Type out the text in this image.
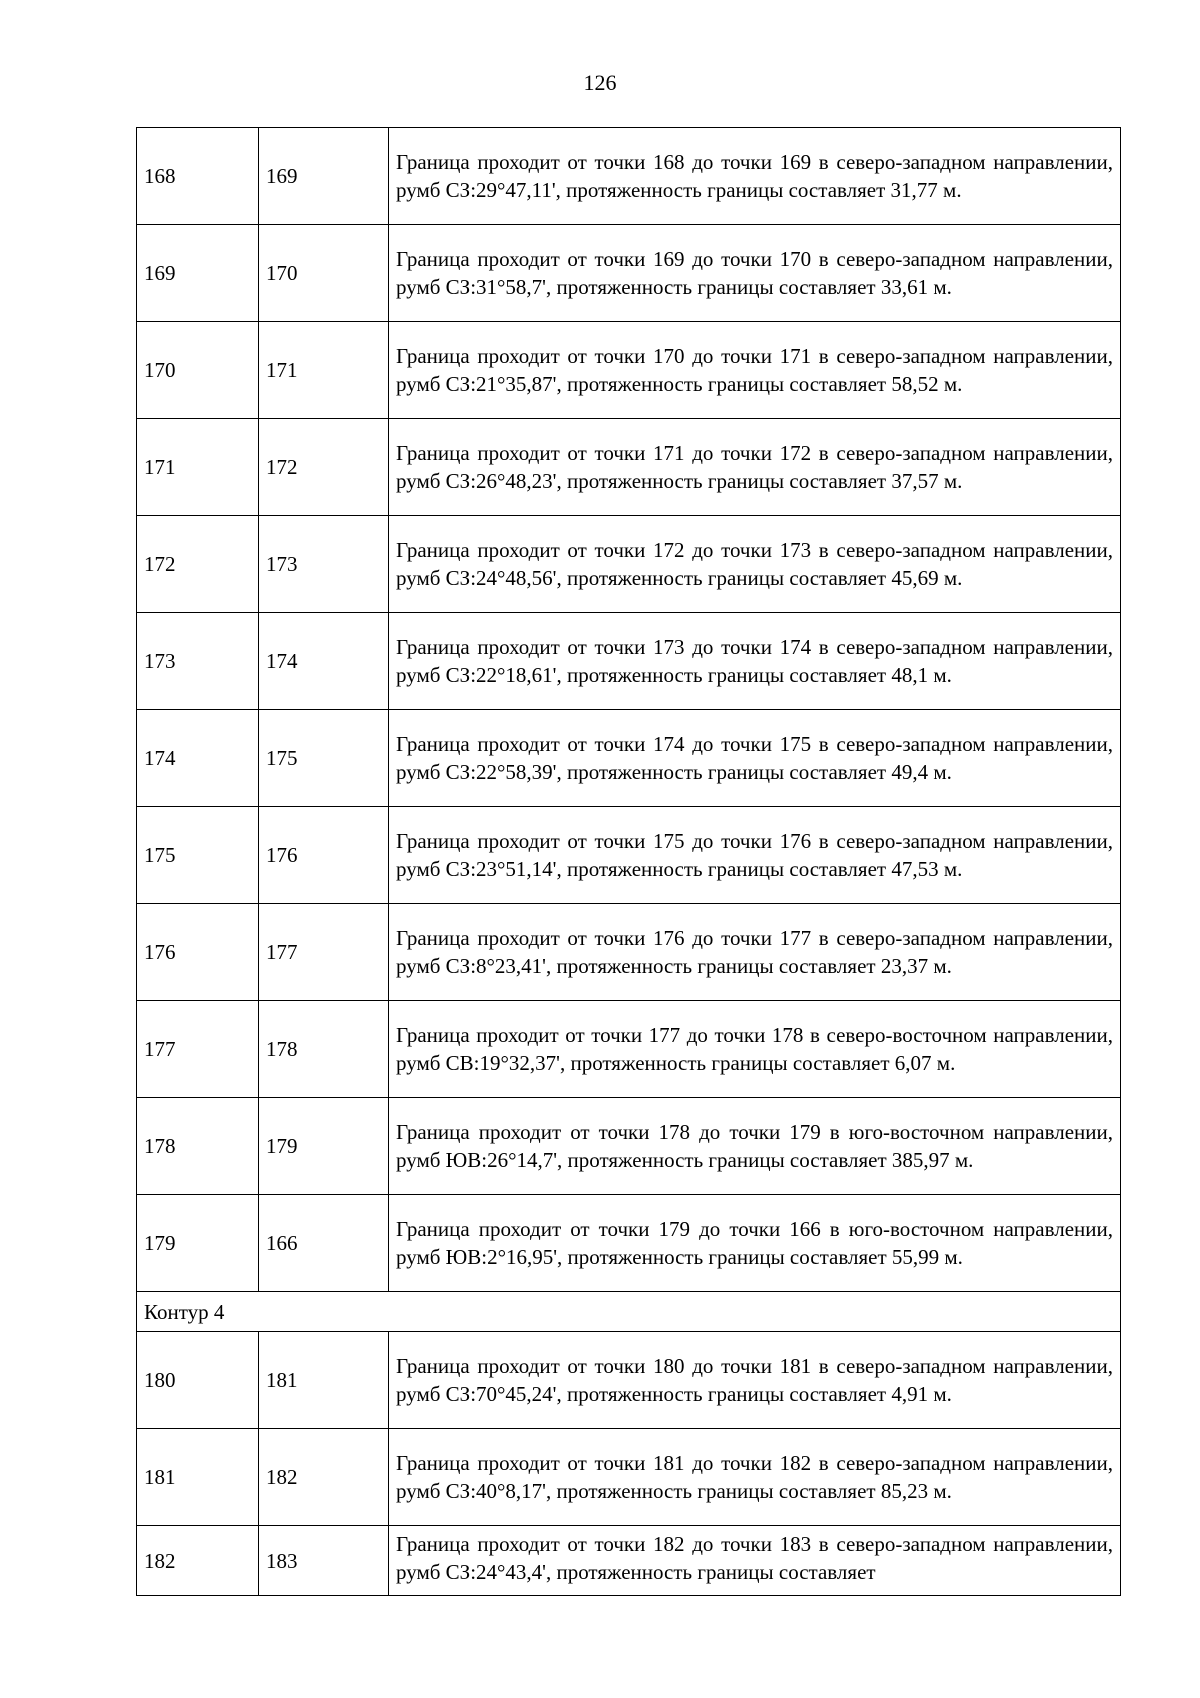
126
168	169	Граница проходит от точки 168 до точки 169 в северо-западном направлении, румб СЗ:29°47,11', протяженность границы составляет 31,77 м.
169	170	Граница проходит от точки 169 до точки 170 в северо-западном направлении, румб СЗ:31°58,7', протяженность границы составляет 33,61 м.
170	171	Граница проходит от точки 170 до точки 171 в северо-западном направлении, румб СЗ:21°35,87', протяженность границы составляет 58,52 м.
171	172	Граница проходит от точки 171 до точки 172 в северо-западном направлении, румб СЗ:26°48,23', протяженность границы составляет 37,57 м.
172	173	Граница проходит от точки 172 до точки 173 в северо-западном направлении, румб СЗ:24°48,56', протяженность границы составляет 45,69 м.
173	174	Граница проходит от точки 173 до точки 174 в северо-западном направлении, румб СЗ:22°18,61', протяженность границы составляет 48,1 м.
174	175	Граница проходит от точки 174 до точки 175 в северо-западном направлении, румб СЗ:22°58,39', протяженность границы составляет 49,4 м.
175	176	Граница проходит от точки 175 до точки 176 в северо-западном направлении, румб СЗ:23°51,14', протяженность границы составляет 47,53 м.
176	177	Граница проходит от точки 176 до точки 177 в северо-западном направлении, румб СЗ:8°23,41', протяженность границы составляет 23,37 м.
177	178	Граница проходит от точки 177 до точки 178 в северо-восточном направлении, румб СВ:19°32,37', протяженность границы составляет 6,07 м.
178	179	Граница проходит от точки 178 до точки 179 в юго-восточном направлении, румб ЮВ:26°14,7', протяженность границы составляет 385,97 м.
179	166	Граница проходит от точки 179 до точки 166 в юго-восточном направлении, румб ЮВ:2°16,95', протяженность границы составляет 55,99 м.
Контур 4		
180	181	Граница проходит от точки 180 до точки 181 в северо-западном направлении, румб СЗ:70°45,24', протяженность границы составляет 4,91 м.
181	182	Граница проходит от точки 181 до точки 182 в северо-западном направлении, румб СЗ:40°8,17', протяженность границы составляет 85,23 м.
182	183	Граница проходит от точки 182 до точки 183 в северо-западном направлении, румб СЗ:24°43,4', протяженность границы составляет
